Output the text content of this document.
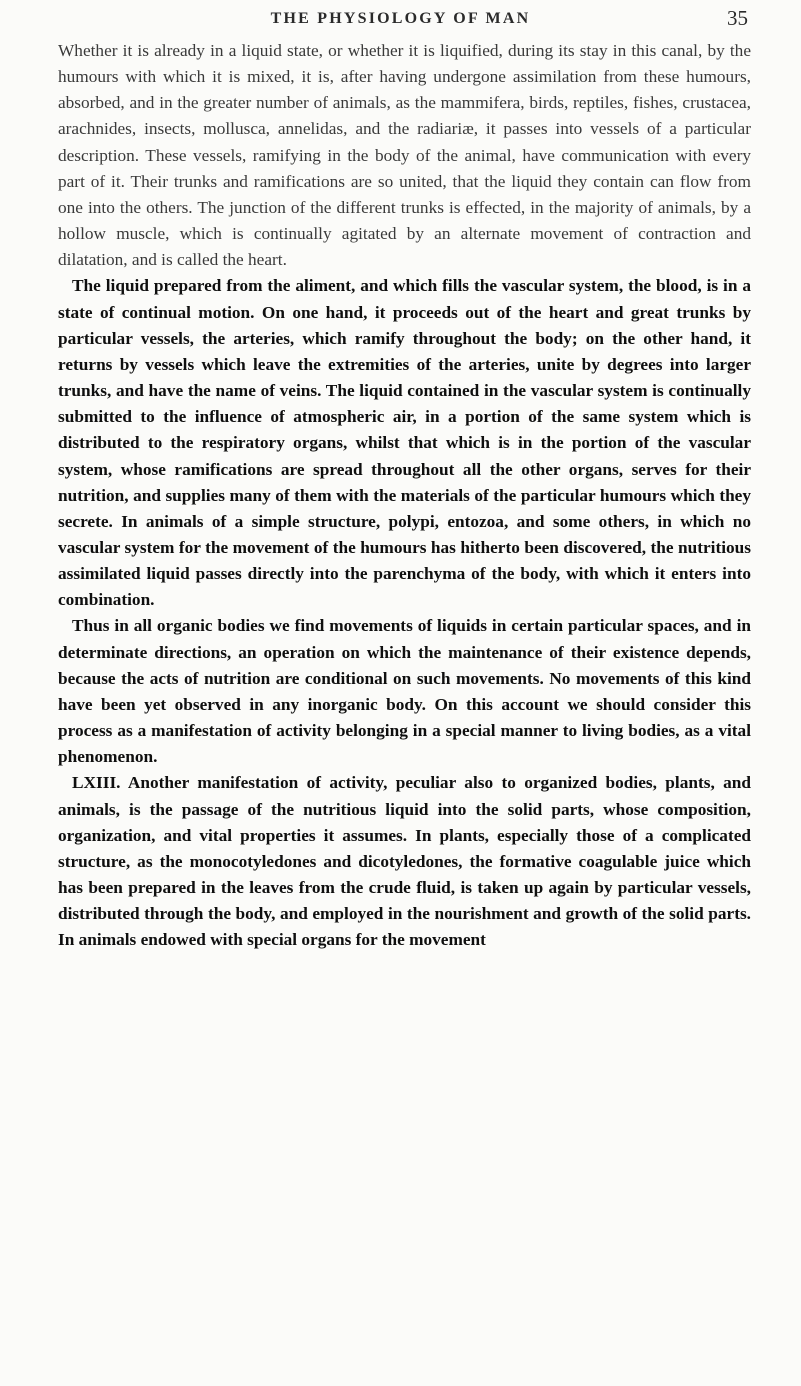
THE PHYSIOLOGY OF MAN	35

Whether it is already in a liquid state, or whether it is liquified, during its stay in this canal, by the humours with which it is mixed, it is, after having undergone assimilation from these humours, absorbed, and in the greater number of animals, as the mammifera, birds, reptiles, fishes, crustacea, arachnides, insects, mollusca, annelidas, and the radiariæ, it passes into vessels of a particular description. These vessels, ramifying in the body of the animal, have communication with every part of it. Their trunks and ramifications are so united, that the liquid they contain can flow from one into the others. The junction of the different trunks is effected, in the majority of animals, by a hollow muscle, which is continually agitated by an alternate movement of contraction and dilatation, and is called the heart.

The liquid prepared from the aliment, and which fills the vascular system, the blood, is in a state of continual motion. On one hand, it proceeds out of the heart and great trunks by particular vessels, the arteries, which ramify throughout the body; on the other hand, it returns by vessels which leave the extremities of the arteries, unite by degrees into larger trunks, and have the name of veins. The liquid contained in the vascular system is continually submitted to the influence of atmospheric air, in a portion of the same system which is distributed to the respiratory organs, whilst that which is in the portion of the vascular system, whose ramifications are spread throughout all the other organs, serves for their nutrition, and supplies many of them with the materials of the particular humours which they secrete. In animals of a simple structure, polypi, entozoa, and some others, in which no vascular system for the movement of the humours has hitherto been discovered, the nutritious assimilated liquid passes directly into the parenchyma of the body, with which it enters into combination.

Thus in all organic bodies we find movements of liquids in certain particular spaces, and in determinate directions, an operation on which the maintenance of their existence depends, because the acts of nutrition are conditional on such movements. No movements of this kind have been yet observed in any inorganic body. On this account we should consider this process as a manifestation of activity belonging in a special manner to living bodies, as a vital phenomenon.

LXIII. Another manifestation of activity, peculiar also to organized bodies, plants, and animals, is the passage of the nutritious liquid into the solid parts, whose composition, organization, and vital properties it assumes. In plants, especially those of a complicated structure, as the monocotyledones and dicotyledones, the formative coagulable juice which has been prepared in the leaves from the crude fluid, is taken up again by particular vessels, distributed through the body, and employed in the nourishment and growth of the solid parts. In animals endowed with special organs for the movement
